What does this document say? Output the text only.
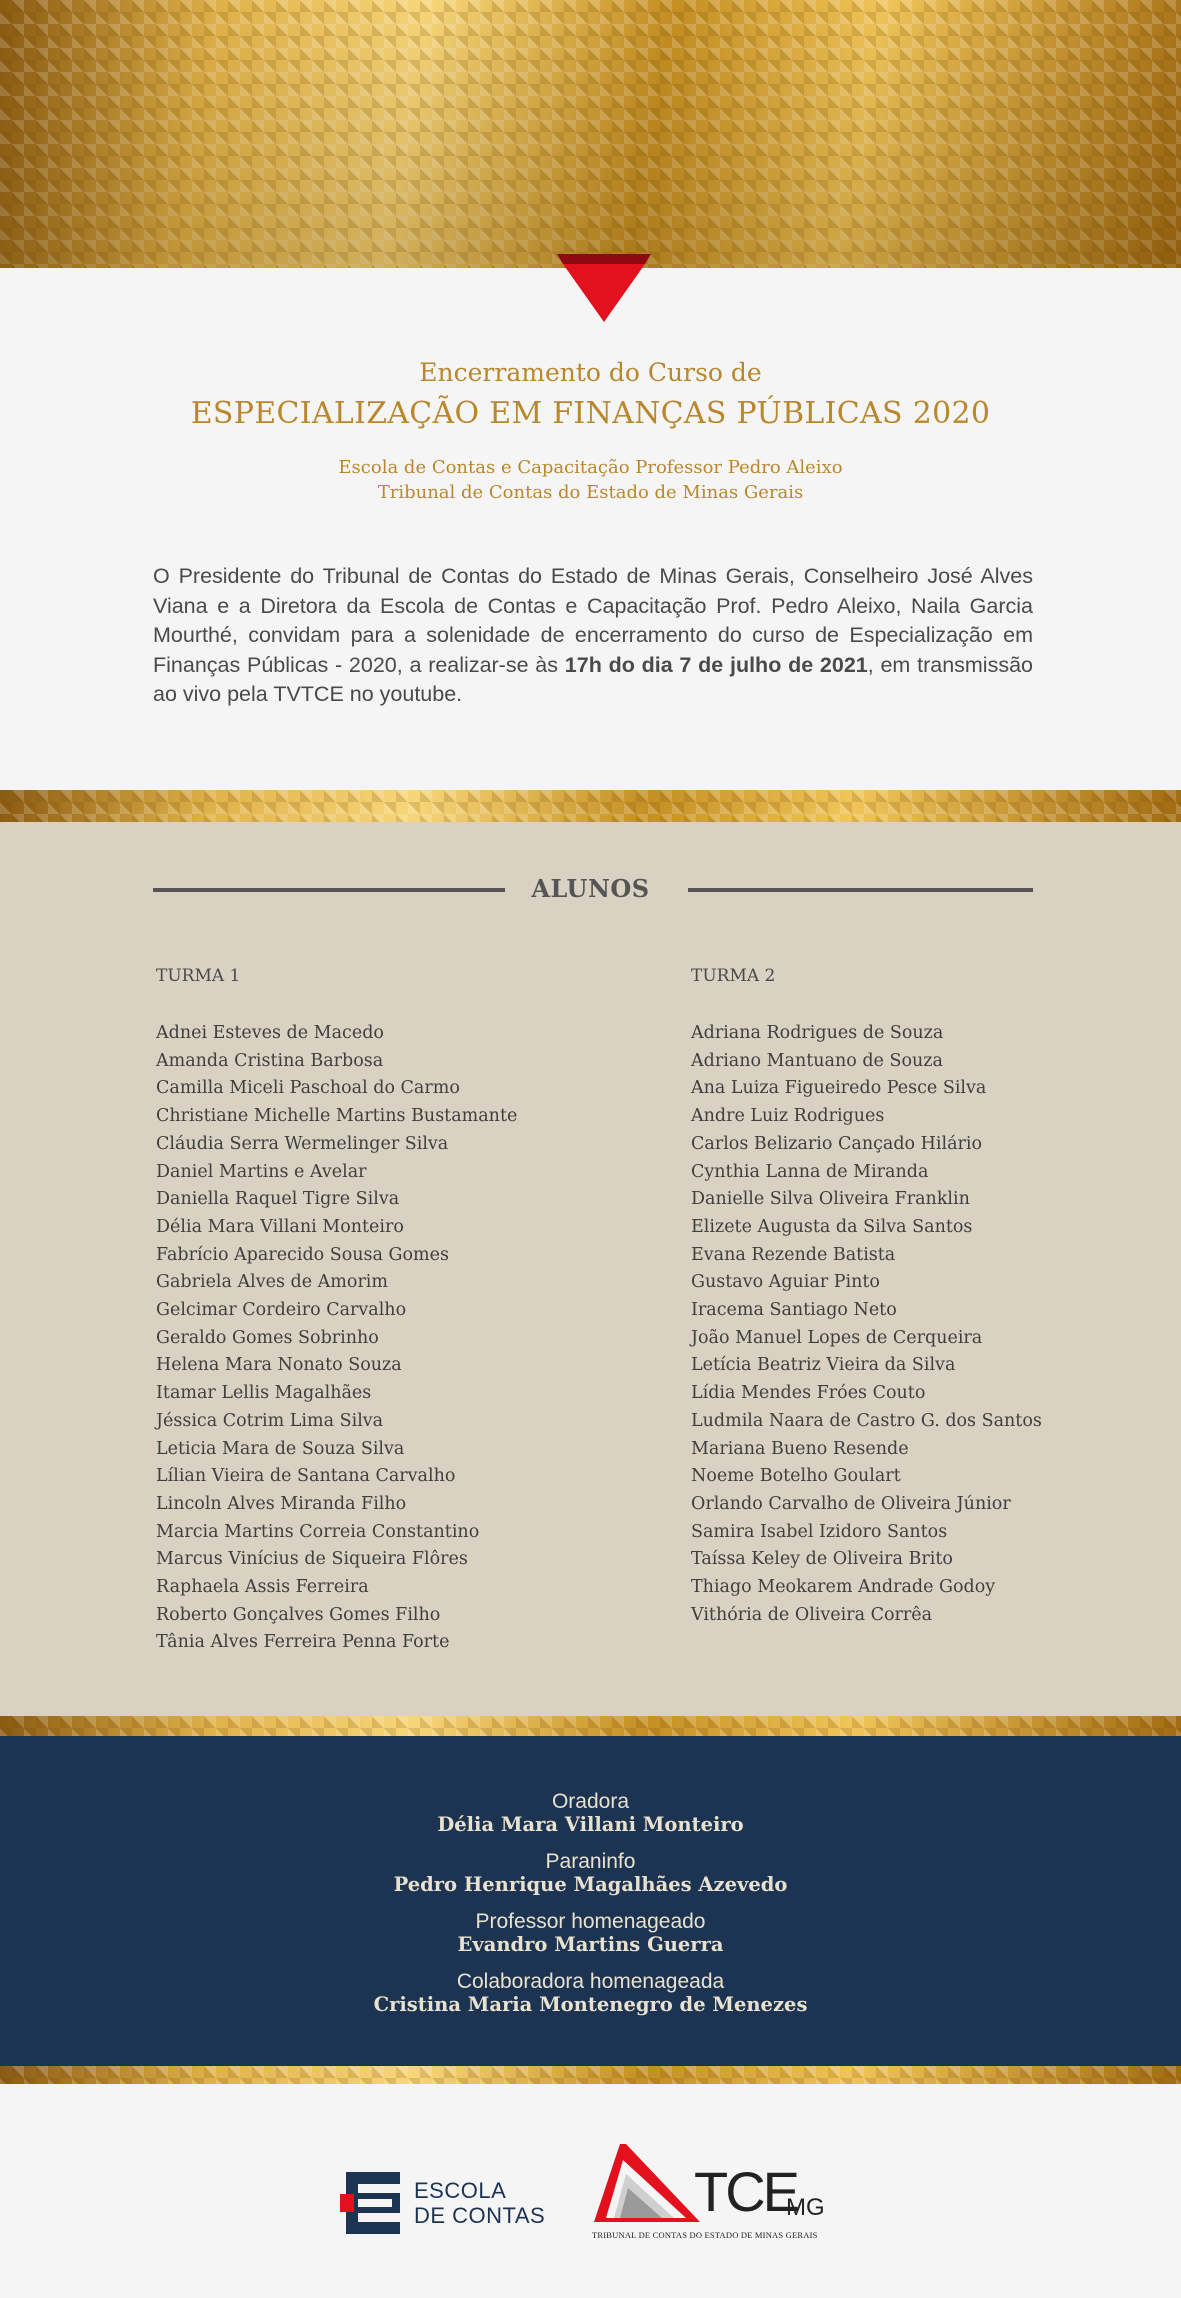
Encerramento do Curso de
ESPECIALIZAÇÃO EM FINANÇAS PÚBLICAS 2020
Escola de Contas e Capacitação Professor Pedro Aleixo
Tribunal de Contas do Estado de Minas Gerais

O Presidente do Tribunal de Contas do Estado de Minas Gerais, Conselheiro José Alves Viana e a Diretora da Escola de Contas e Capacitação Prof. Pedro Aleixo, Naila Garcia Mourthé, convidam para a solenidade de encerramento do curso de Especialização em Finanças Públicas - 2020, a realizar-se às 17h do dia 7 de julho de 2021, em transmissão ao vivo pela TVTCE no youtube.

ALUNOS
TURMA 1
Adnei Esteves de Macedo
Amanda Cristina Barbosa
Camilla Miceli Paschoal do Carmo
Christiane Michelle Martins Bustamante
Cláudia Serra Wermelinger Silva
Daniel Martins e Avelar
Daniella Raquel Tigre Silva
Délia Mara Villani Monteiro
Fabrício Aparecido Sousa Gomes
Gabriela Alves de Amorim
Gelcimar Cordeiro Carvalho
Geraldo Gomes Sobrinho
Helena Mara Nonato Souza
Itamar Lellis Magalhães
Jéssica Cotrim Lima Silva
Leticia Mara de Souza Silva
Lílian Vieira de Santana Carvalho
Lincoln Alves Miranda Filho
Marcia Martins Correia Constantino
Marcus Vinícius de Siqueira Flôres
Raphaela Assis Ferreira
Roberto Gonçalves Gomes Filho
Tânia Alves Ferreira Penna Forte
TURMA 2
Adriana Rodrigues de Souza
Adriano Mantuano de Souza
Ana Luiza Figueiredo Pesce Silva
Andre Luiz Rodrigues
Carlos Belizario Cançado Hilário
Cynthia Lanna de Miranda
Danielle Silva Oliveira Franklin
Elizete Augusta da Silva Santos
Evana Rezende Batista
Gustavo Aguiar Pinto
Iracema Santiago Neto
João Manuel Lopes de Cerqueira
Letícia Beatriz Vieira da Silva
Lídia Mendes Fróes Couto
Ludmila Naara de Castro G. dos Santos
Mariana Bueno Resende
Noeme Botelho Goulart
Orlando Carvalho de Oliveira Júnior
Samira Isabel Izidoro Santos
Taíssa Keley de Oliveira Brito
Thiago Meokarem Andrade Godoy
Vithória de Oliveira Corrêa
Oradora
Délia Mara Villani Monteiro
Paraninfo
Pedro Henrique Magalhães Azevedo
Professor homenageado
Evandro Martins Guerra
Colaboradora homenageada
Cristina Maria Montenegro de Menezes
ESCOLA
DE CONTAS	TCE
MG
TRIBUNAL DE CONTAS DO ESTADO DE MINAS GERAIS
